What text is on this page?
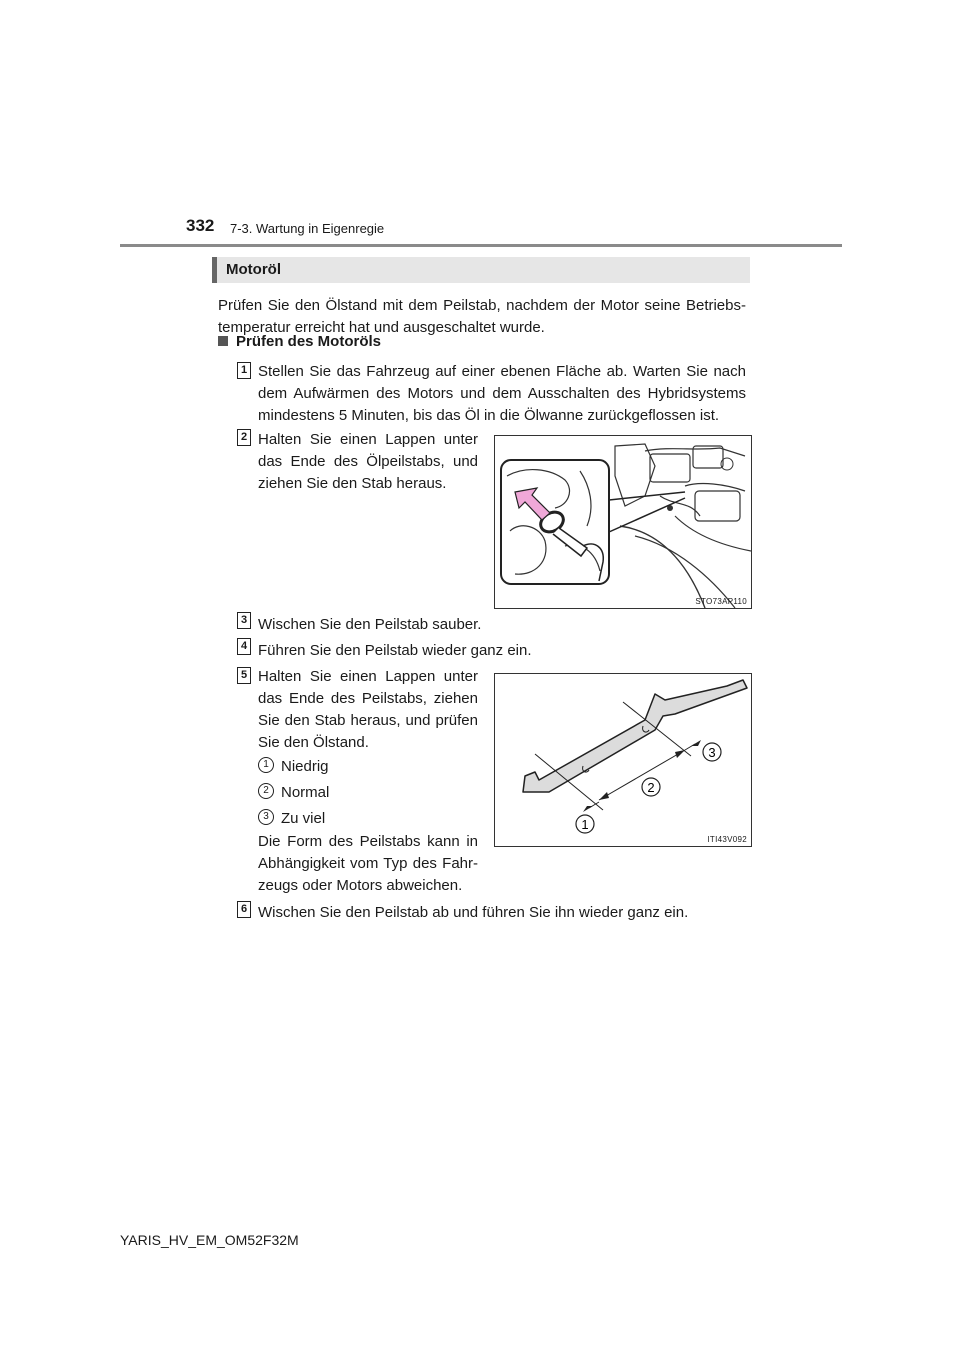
332 7-3. Wartung in Eigenregie
Motoröl
Prüfen Sie den Ölstand mit dem Peilstab, nachdem der Motor seine Betriebs-temperatur erreicht hat und ausgeschaltet wurde.
Prüfen des Motoröls
1 Stellen Sie das Fahrzeug auf einer ebenen Fläche ab. Warten Sie nach dem Aufwärmen des Motors und dem Ausschalten des Hybridsystems mindestens 5 Minuten, bis das Öl in die Ölwanne zurückgeflossen ist.
2 Halten Sie einen Lappen unter das Ende des Ölpeilstabs, und ziehen Sie den Stab heraus.
STO73AP110
3 Wischen Sie den Peilstab sauber.
4 Führen Sie den Peilstab wieder ganz ein.
5 Halten Sie einen Lappen unter das Ende des Peilstabs, ziehen Sie den Stab heraus, und prüfen Sie den Ölstand.
1 Niedrig
2 Normal
3 Zu viel
Die Form des Peilstabs kann in Abhängigkeit vom Typ des Fahr-zeugs oder Motors abweichen.
1
2
3
ITI43V092
6 Wischen Sie den Peilstab ab und führen Sie ihn wieder ganz ein.
YARIS_HV_EM_OM52F32M
